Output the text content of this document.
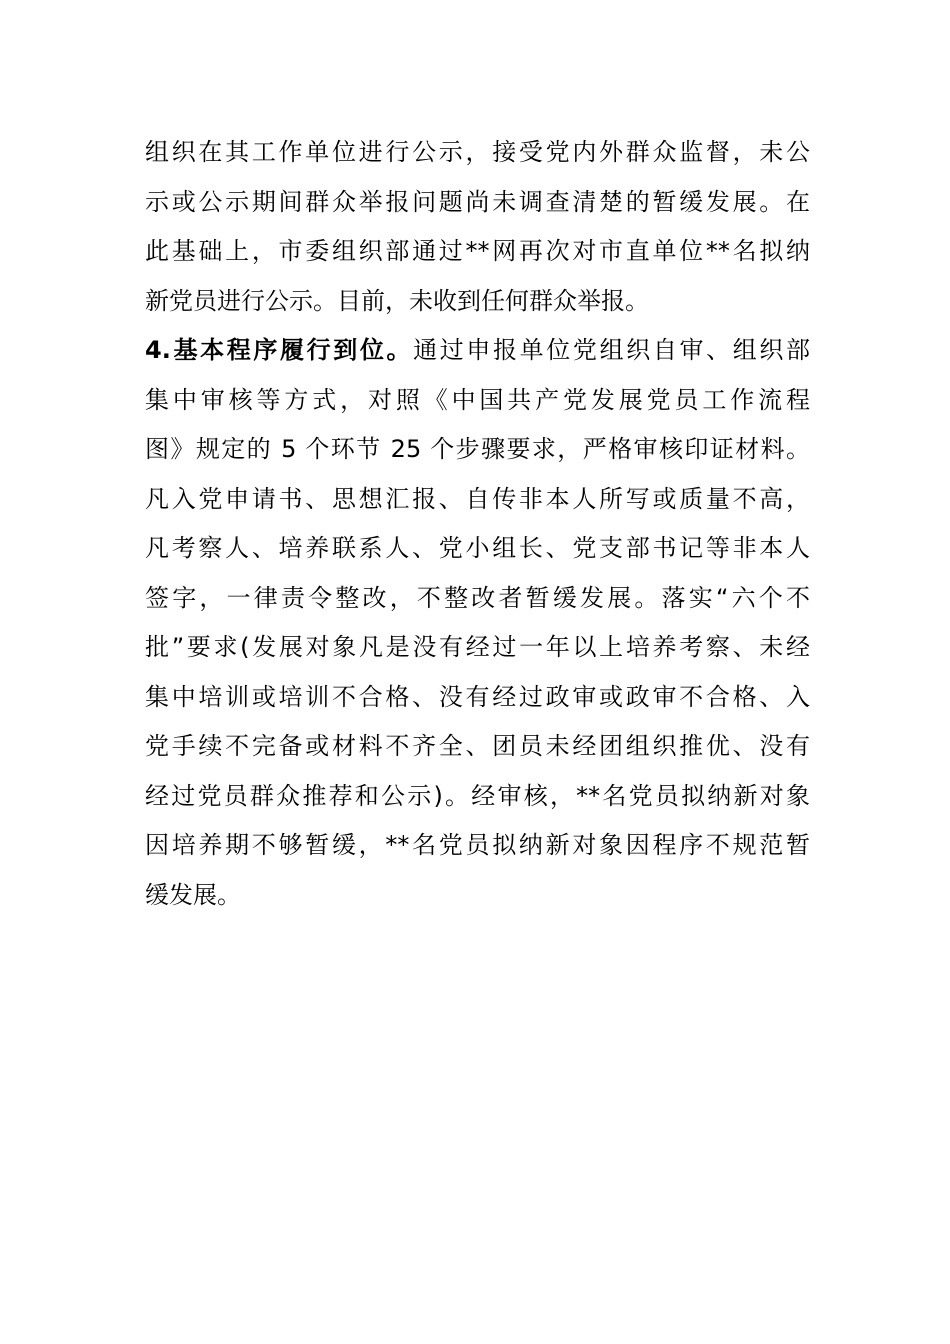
组织在其工作单位进行公示，接受党内外群众监督，未公
示或公示期间群众举报问题尚未调查清楚的暂缓发展。在
此基础上，市委组织部通过**网再次对市直单位**名拟纳
新党员进行公示。目前，未收到任何群众举报。
4.基本程序履行到位。通过申报单位党组织自审、组织部
集中审核等方式，对照《中国共产党发展党员工作流程
图》规定的 5 个环节 25 个步骤要求，严格审核印证材料。
凡入党申请书、思想汇报、自传非本人所写或质量不高，
凡考察人、培养联系人、党小组长、党支部书记等非本人
签字，一律责令整改，不整改者暂缓发展。落实“六个不
批”要求(发展对象凡是没有经过一年以上培养考察、未经
集中培训或培训不合格、没有经过政审或政审不合格、入
党手续不完备或材料不齐全、团员未经团组织推优、没有
经过党员群众推荐和公示)。经审核，**名党员拟纳新对象
因培养期不够暂缓，**名党员拟纳新对象因程序不规范暂
缓发展。
